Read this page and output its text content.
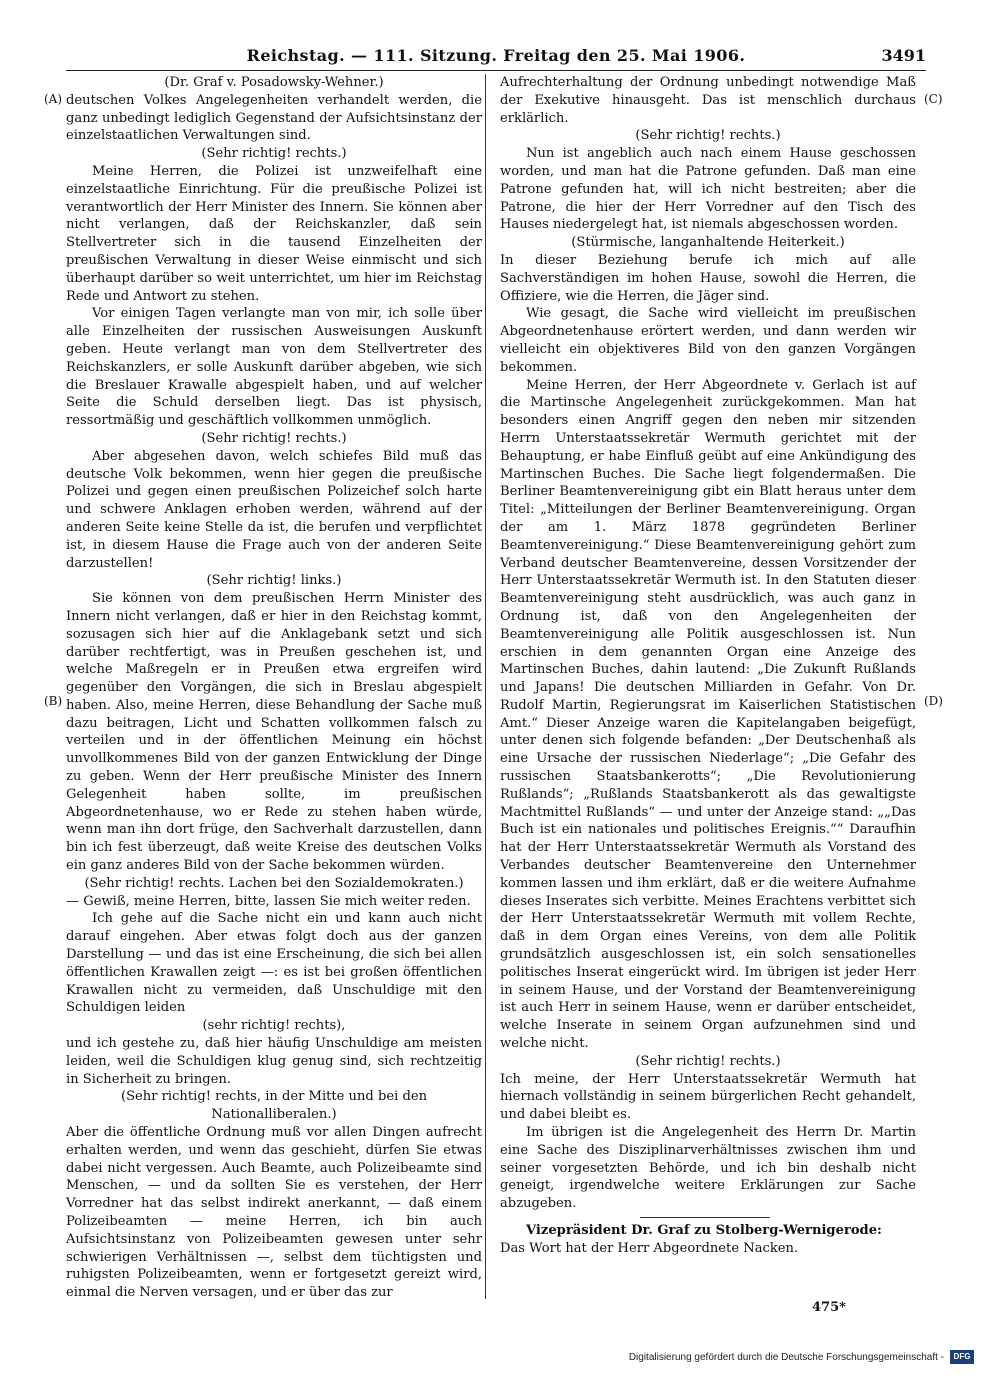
Reichstag. — 111. Sitzung. Freitag den 25. Mai 1906.	3491
(A)
(B)
(C)
(D)

(Dr. Graf v. Posadowsky-Wehner.)

deutschen Volkes Angelegenheiten verhandelt werden, die ganz unbedingt lediglich Gegenstand der Aufsichtsinstanz der einzelstaatlichen Verwaltungen sind.

(Sehr richtig! rechts.)

Meine Herren, die Polizei ist unzweifelhaft eine einzelstaatliche Einrichtung. Für die preußische Polizei ist verantwortlich der Herr Minister des Innern. Sie können aber nicht verlangen, daß der Reichskanzler, daß sein Stellvertreter sich in die tausend Einzelheiten der preußischen Verwaltung in dieser Weise einmischt und sich überhaupt darüber so weit unterrichtet, um hier im Reichstag Rede und Antwort zu stehen.

Vor einigen Tagen verlangte man von mir, ich solle über alle Einzelheiten der russischen Ausweisungen Auskunft geben. Heute verlangt man von dem Stellvertreter des Reichskanzlers, er solle Auskunft darüber abgeben, wie sich die Breslauer Krawalle abgespielt haben, und auf welcher Seite die Schuld derselben liegt. Das ist physisch, ressortmäßig und geschäftlich vollkommen unmöglich.

(Sehr richtig! rechts.)

Aber abgesehen davon, welch schiefes Bild muß das deutsche Volk bekommen, wenn hier gegen die preußische Polizei und gegen einen preußischen Polizeichef solch harte und schwere Anklagen erhoben werden, während auf der anderen Seite keine Stelle da ist, die berufen und verpflichtet ist, in diesem Hause die Frage auch von der anderen Seite darzustellen!

(Sehr richtig! links.)

Sie können von dem preußischen Herrn Minister des Innern nicht verlangen, daß er hier in den Reichstag kommt, sozusagen sich hier auf die Anklagebank setzt und sich darüber rechtfertigt, was in Preußen geschehen ist, und welche Maßregeln er in Preußen etwa ergreifen wird gegenüber den Vorgängen, die sich in Breslau abgespielt haben. Also, meine Herren, diese Behandlung der Sache muß dazu beitragen, Licht und Schatten vollkommen falsch zu verteilen und in der öffentlichen Meinung ein höchst unvollkommenes Bild von der ganzen Entwicklung der Dinge zu geben. Wenn der Herr preußische Minister des Innern Gelegenheit haben sollte, im preußischen Abgeordnetenhause, wo er Rede zu stehen haben würde, wenn man ihn dort früge, den Sachverhalt darzustellen, dann bin ich fest überzeugt, daß weite Kreise des deutschen Volks ein ganz anderes Bild von der Sache bekommen würden.

(Sehr richtig! rechts. Lachen bei den Sozialdemokraten.)

— Gewiß, meine Herren, bitte, lassen Sie mich weiter reden.

Ich gehe auf die Sache nicht ein und kann auch nicht darauf eingehen. Aber etwas folgt doch aus der ganzen Darstellung — und das ist eine Erscheinung, die sich bei allen öffentlichen Krawallen zeigt —: es ist bei großen öffentlichen Krawallen nicht zu vermeiden, daß Unschuldige mit den Schuldigen leiden

(sehr richtig! rechts),

und ich gestehe zu, daß hier häufig Unschuldige am meisten leiden, weil die Schuldigen klug genug sind, sich rechtzeitig in Sicherheit zu bringen.

(Sehr richtig! rechts, in der Mitte und bei den Nationalliberalen.)

Aber die öffentliche Ordnung muß vor allen Dingen aufrecht erhalten werden, und wenn das geschieht, dürfen Sie etwas dabei nicht vergessen. Auch Beamte, auch Polizeibeamte sind Menschen, — und da sollten Sie es verstehen, der Herr Vorredner hat das selbst indirekt anerkannt, — daß einem Polizeibeamten — meine Herren, ich bin auch Aufsichtsinstanz von Polizeibeamten gewesen unter sehr schwierigen Verhältnissen —, selbst dem tüchtigsten und ruhigsten Polizeibeamten, wenn er fortgesetzt gereizt wird, einmal die Nerven versagen, und er über das zur

Aufrechterhaltung der Ordnung unbedingt notwendige Maß der Exekutive hinausgeht. Das ist menschlich durchaus erklärlich.

(Sehr richtig! rechts.)

Nun ist angeblich auch nach einem Hause geschossen worden, und man hat die Patrone gefunden. Daß man eine Patrone gefunden hat, will ich nicht bestreiten; aber die Patrone, die hier der Herr Vorredner auf den Tisch des Hauses niedergelegt hat, ist niemals abgeschossen worden.

(Stürmische, langanhaltende Heiterkeit.)

In dieser Beziehung berufe ich mich auf alle Sachverständigen im hohen Hause, sowohl die Herren, die Offiziere, wie die Herren, die Jäger sind.

Wie gesagt, die Sache wird vielleicht im preußischen Abgeordnetenhause erörtert werden, und dann werden wir vielleicht ein objektiveres Bild von den ganzen Vorgängen bekommen.

Meine Herren, der Herr Abgeordnete v. Gerlach ist auf die Martinsche Angelegenheit zurückgekommen. Man hat besonders einen Angriff gegen den neben mir sitzenden Herrn Unterstaatssekretär Wermuth gerichtet mit der Behauptung, er habe Einfluß geübt auf eine Ankündigung des Martinschen Buches. Die Sache liegt folgendermaßen. Die Berliner Beamtenvereinigung gibt ein Blatt heraus unter dem Titel: „Mitteilungen der Berliner Beamtenvereinigung. Organ der am 1. März 1878 gegründeten Berliner Beamtenvereinigung.“ Diese Beamtenvereinigung gehört zum Verband deutscher Beamtenvereine, dessen Vorsitzender der Herr Unterstaatssekretär Wermuth ist. In den Statuten dieser Beamtenvereinigung steht ausdrücklich, was auch ganz in Ordnung ist, daß von den Angelegenheiten der Beamtenvereinigung alle Politik ausgeschlossen ist. Nun erschien in dem genannten Organ eine Anzeige des Martinschen Buches, dahin lautend: „Die Zukunft Rußlands und Japans! Die deutschen Milliarden in Gefahr. Von Dr. Rudolf Martin, Regierungsrat im Kaiserlichen Statistischen Amt.“ Dieser Anzeige waren die Kapitelangaben beigefügt, unter denen sich folgende befanden: „Der Deutschenhaß als eine Ursache der russischen Niederlage“; „Die Gefahr des russischen Staatsbankerotts“; „Die Revolutionierung Rußlands“; „Rußlands Staatsbankerott als das gewaltigste Machtmittel Rußlands“ — und unter der Anzeige stand: „„Das Buch ist ein nationales und politisches Ereignis.““ Daraufhin hat der Herr Unterstaatssekretär Wermuth als Vorstand des Verbandes deutscher Beamtenvereine den Unternehmer kommen lassen und ihm erklärt, daß er die weitere Aufnahme dieses Inserates sich verbitte. Meines Erachtens verbittet sich der Herr Unterstaatssekretär Wermuth mit vollem Rechte, daß in dem Organ eines Vereins, von dem alle Politik grundsätzlich ausgeschlossen ist, ein solch sensationelles politisches Inserat eingerückt wird. Im übrigen ist jeder Herr in seinem Hause, und der Vorstand der Beamtenvereinigung ist auch Herr in seinem Hause, wenn er darüber entscheidet, welche Inserate in seinem Organ aufzunehmen sind und welche nicht.

(Sehr richtig! rechts.)

Ich meine, der Herr Unterstaatssekretär Wermuth hat hiernach vollständig in seinem bürgerlichen Recht gehandelt, und dabei bleibt es.

Im übrigen ist die Angelegenheit des Herrn Dr. Martin eine Sache des Disziplinarverhältnisses zwischen ihm und seiner vorgesetzten Behörde, und ich bin deshalb nicht geneigt, irgendwelche weitere Erklärungen zur Sache abzugeben.

Vizepräsident Dr. Graf zu Stolberg-Wernigerode:

Das Wort hat der Herr Abgeordnete Nacken.

475*
Digitalisierung gefördert durch die Deutsche Forschungsgemeinschaft -	DFG
